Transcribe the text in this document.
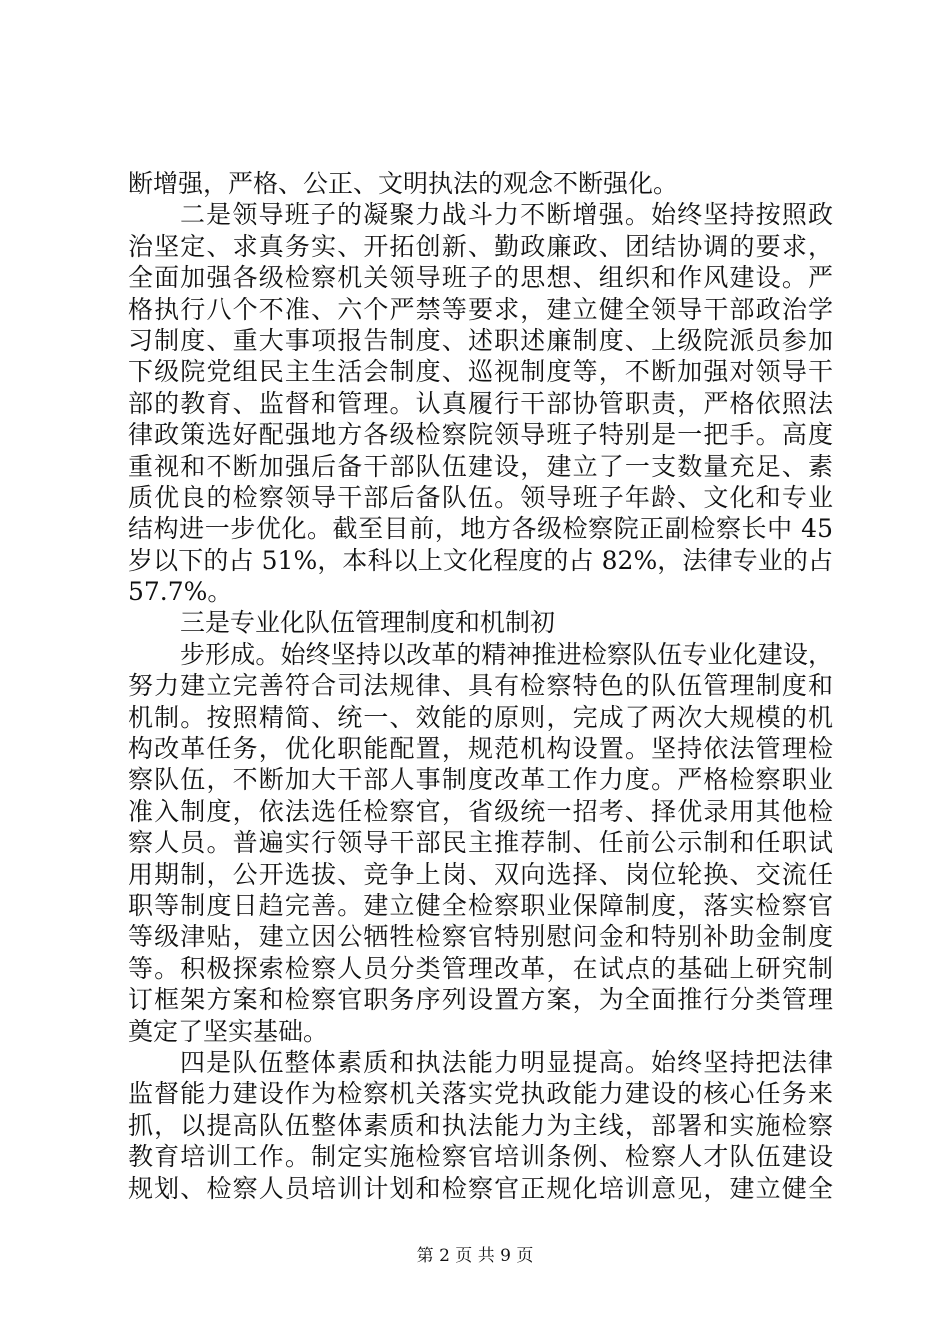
断增强，严格、公正、文明执法的观念不断强化。
二是领导班子的凝聚力战斗力不断增强。始终坚持按照政
治坚定、求真务实、开拓创新、勤政廉政、团结协调的要求，
全面加强各级检察机关领导班子的思想、组织和作风建设。严
格执行八个不准、六个严禁等要求，建立健全领导干部政治学
习制度、重大事项报告制度、述职述廉制度、上级院派员参加
下级院党组民主生活会制度、巡视制度等，不断加强对领导干
部的教育、监督和管理。认真履行干部协管职责，严格依照法
律政策选好配强地方各级检察院领导班子特别是一把手。高度
重视和不断加强后备干部队伍建设，建立了一支数量充足、素
质优良的检察领导干部后备队伍。领导班子年龄、文化和专业
结构进一步优化。截至目前，地方各级检察院正副检察长中 45
岁以下的占 51%，本科以上文化程度的占 82%，法律专业的占
57.7%。
三是专业化队伍管理制度和机制初
步形成。始终坚持以改革的精神推进检察队伍专业化建设，
努力建立完善符合司法规律、具有检察特色的队伍管理制度和
机制。按照精简、统一、效能的原则，完成了两次大规模的机
构改革任务，优化职能配置，规范机构设置。坚持依法管理检
察队伍，不断加大干部人事制度改革工作力度。严格检察职业
准入制度，依法选任检察官，省级统一招考、择优录用其他检
察人员。普遍实行领导干部民主推荐制、任前公示制和任职试
用期制，公开选拔、竞争上岗、双向选择、岗位轮换、交流任
职等制度日趋完善。建立健全检察职业保障制度，落实检察官
等级津贴，建立因公牺牲检察官特别慰问金和特别补助金制度
等。积极探索检察人员分类管理改革，在试点的基础上研究制
订框架方案和检察官职务序列设置方案，为全面推行分类管理
奠定了坚实基础。
四是队伍整体素质和执法能力明显提高。始终坚持把法律
监督能力建设作为检察机关落实党执政能力建设的核心任务来
抓，以提高队伍整体素质和执法能力为主线，部署和实施检察
教育培训工作。制定实施检察官培训条例、检察人才队伍建设
规划、检察人员培训计划和检察官正规化培训意见，建立健全
第 2 页 共 9 页
